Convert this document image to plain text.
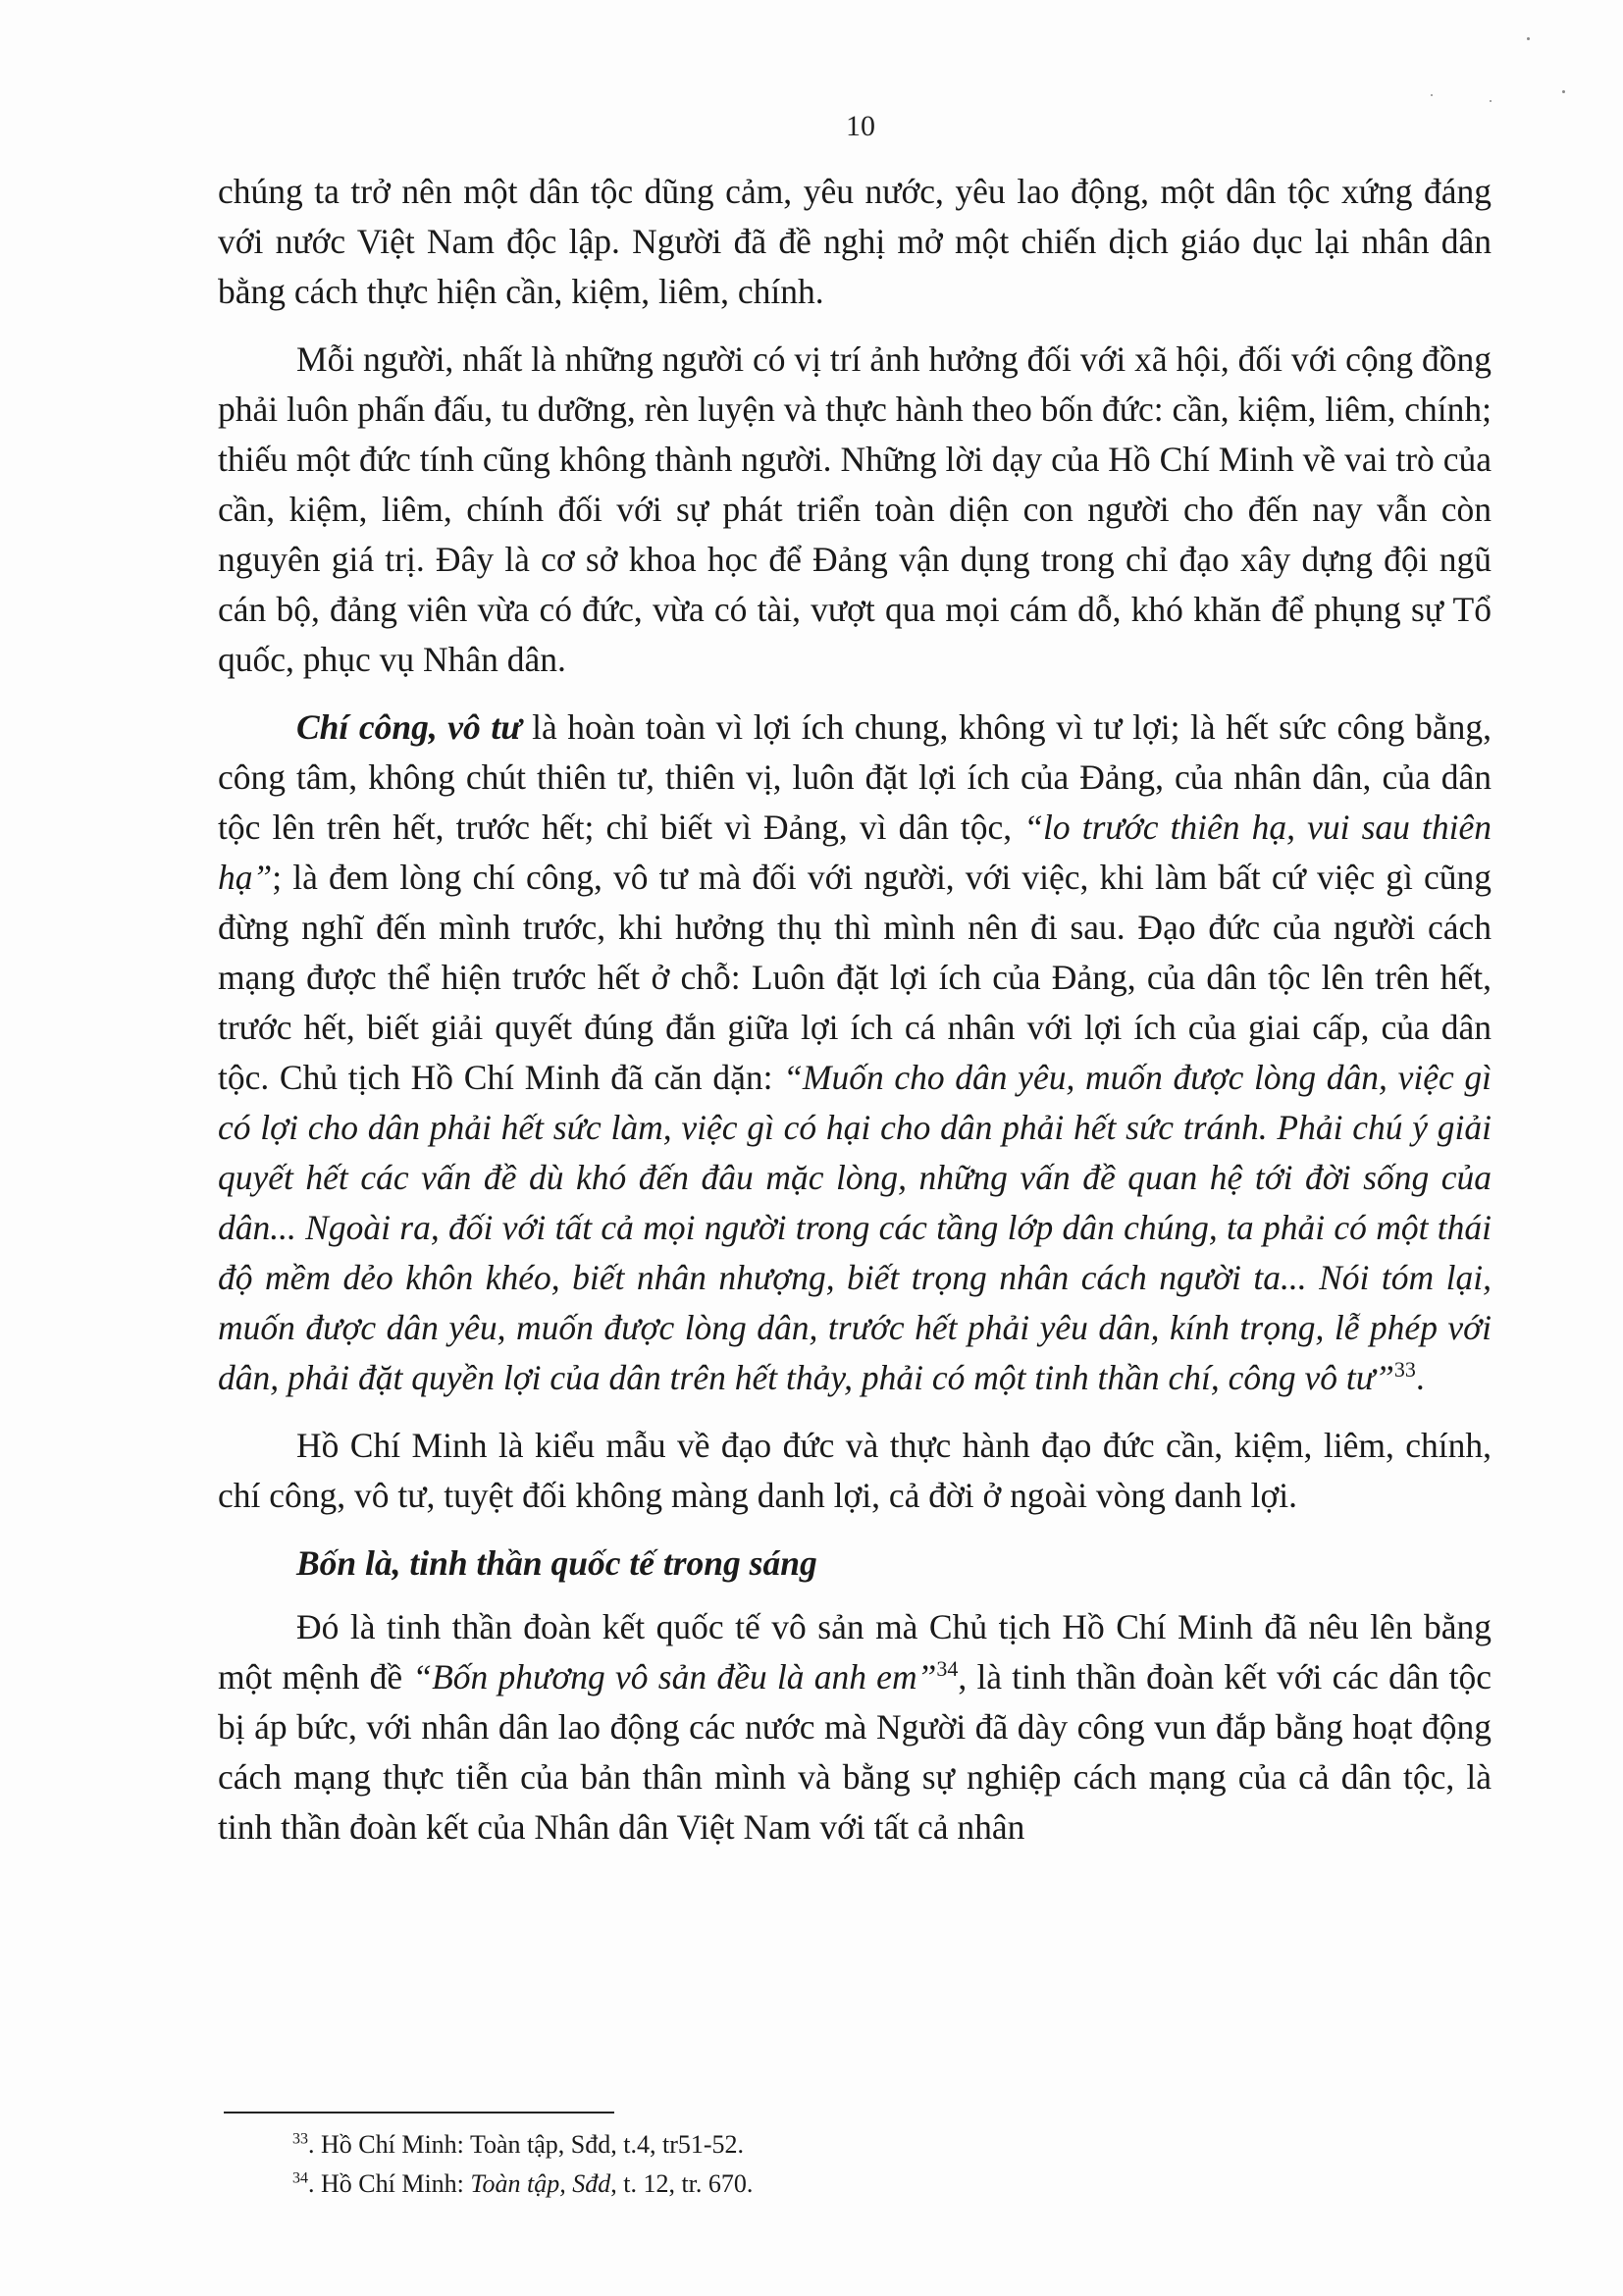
10

chúng ta trở nên một dân tộc dũng cảm, yêu nước, yêu lao động, một dân tộc xứng đáng với nước Việt Nam độc lập. Người đã đề nghị mở một chiến dịch giáo dục lại nhân dân bằng cách thực hiện cần, kiệm, liêm, chính.

Mỗi người, nhất là những người có vị trí ảnh hưởng đối với xã hội, đối với cộng đồng phải luôn phấn đấu, tu dưỡng, rèn luyện và thực hành theo bốn đức: cần, kiệm, liêm, chính; thiếu một đức tính cũng không thành người. Những lời dạy của Hồ Chí Minh về vai trò của cần, kiệm, liêm, chính đối với sự phát triển toàn diện con người cho đến nay vẫn còn nguyên giá trị. Đây là cơ sở khoa học để Đảng vận dụng trong chỉ đạo xây dựng đội ngũ cán bộ, đảng viên vừa có đức, vừa có tài, vượt qua mọi cám dỗ, khó khăn để phụng sự Tổ quốc, phục vụ Nhân dân.

Chí công, vô tư là hoàn toàn vì lợi ích chung, không vì tư lợi; là hết sức công bằng, công tâm, không chút thiên tư, thiên vị, luôn đặt lợi ích của Đảng, của nhân dân, của dân tộc lên trên hết, trước hết; chỉ biết vì Đảng, vì dân tộc, “lo trước thiên hạ, vui sau thiên hạ”; là đem lòng chí công, vô tư mà đối với người, với việc, khi làm bất cứ việc gì cũng đừng nghĩ đến mình trước, khi hưởng thụ thì mình nên đi sau. Đạo đức của người cách mạng được thể hiện trước hết ở chỗ: Luôn đặt lợi ích của Đảng, của dân tộc lên trên hết, trước hết, biết giải quyết đúng đắn giữa lợi ích cá nhân với lợi ích của giai cấp, của dân tộc. Chủ tịch Hồ Chí Minh đã căn dặn: “Muốn cho dân yêu, muốn được lòng dân, việc gì có lợi cho dân phải hết sức làm, việc gì có hại cho dân phải hết sức tránh. Phải chú ý giải quyết hết các vấn đề dù khó đến đâu mặc lòng, những vấn đề quan hệ tới đời sống của dân... Ngoài ra, đối với tất cả mọi người trong các tầng lớp dân chúng, ta phải có một thái độ mềm dẻo khôn khéo, biết nhân nhượng, biết trọng nhân cách người ta... Nói tóm lại, muốn được dân yêu, muốn được lòng dân, trước hết phải yêu dân, kính trọng, lễ phép với dân, phải đặt quyền lợi của dân trên hết thảy, phải có một tinh thần chí, công vô tư”$^{33}$.

Hồ Chí Minh là kiểu mẫu về đạo đức và thực hành đạo đức cần, kiệm, liêm, chính, chí công, vô tư, tuyệt đối không màng danh lợi, cả đời ở ngoài vòng danh lợi.

Bốn là, tinh thần quốc tế trong sáng

Đó là tinh thần đoàn kết quốc tế vô sản mà Chủ tịch Hồ Chí Minh đã nêu lên bằng một mệnh đề “Bốn phương vô sản đều là anh em”$^{34}$, là tinh thần đoàn kết với các dân tộc bị áp bức, với nhân dân lao động các nước mà Người đã dày công vun đắp bằng hoạt động cách mạng thực tiễn của bản thân mình và bằng sự nghiệp cách mạng của cả dân tộc, là tinh thần đoàn kết của Nhân dân Việt Nam với tất cả nhân

$^{33}$. Hồ Chí Minh: Toàn tập, Sđd, t.4, tr51-52.

$^{34}$. Hồ Chí Minh: Toàn tập, Sđd, t. 12, tr. 670.
